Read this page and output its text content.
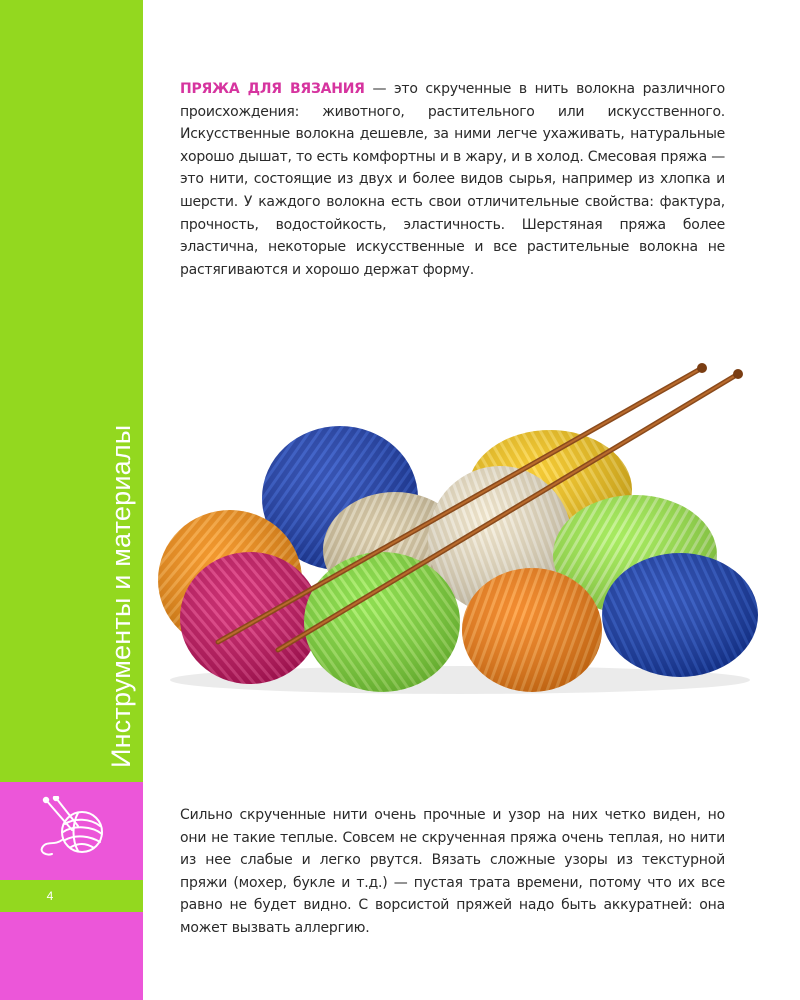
Инструменты и материалы
4

ПРЯЖА ДЛЯ ВЯЗАНИЯ — это скрученные в нить волокна различного происхождения: животного, растительного или искусственного. Искусственные волокна дешевле, за ними легче ухаживать, натуральные хорошо дышат, то есть комфортны и в жару, и в холод. Смесовая пряжа — это нити, состоящие из двух и более видов сырья, например из хлопка и шерсти. У каждого волокна есть свои отличительные свойства: фактура, прочность, водостойкость, эластичность. Шерстяная пряжа более эластична, некоторые искусственные и все растительные волокна не растягиваются и хорошо держат форму.

Сильно скрученные нити очень прочные и узор на них четко виден, но они не такие теплые. Совсем не скрученная пряжа очень теплая, но нити из нее слабые и легко рвутся. Вязать сложные узоры из текстурной пряжи (мохер, букле и т.д.) — пустая трата времени, потому что их все равно не будет видно. С ворсистой пряжей надо быть аккуратней: она может вызвать аллергию.
